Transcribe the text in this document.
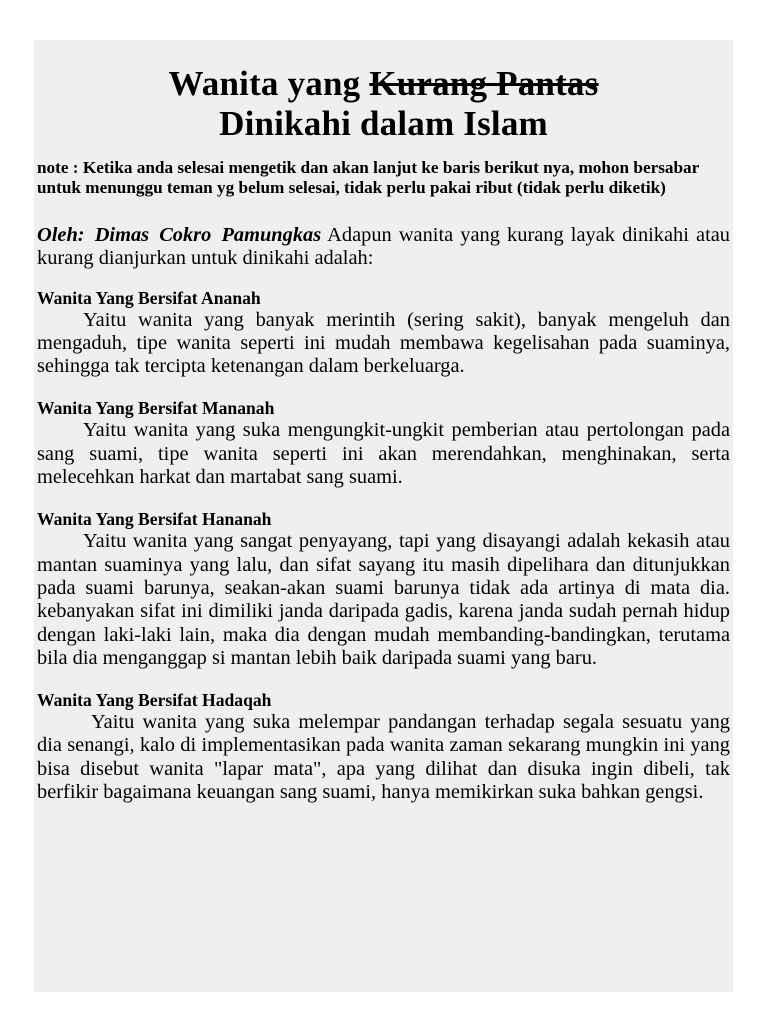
Wanita yang Kurang Pantas
Dinikahi dalam Islam

note : Ketika anda selesai mengetik dan akan lanjut ke baris berikut nya, mohon bersabar untuk menunggu teman yg belum selesai, tidak perlu pakai ribut (tidak perlu diketik)

Oleh: Dimas Cokro Pamungkas Adapun wanita yang kurang layak dinikahi atau kurang dianjurkan untuk dinikahi adalah:

Wanita Yang Bersifat Ananah

Yaitu wanita yang banyak merintih (sering sakit), banyak mengeluh dan mengaduh, tipe wanita seperti ini mudah membawa kegelisahan pada suaminya, sehingga tak tercipta ketenangan dalam berkeluarga.

Wanita Yang Bersifat Mananah

Yaitu wanita yang suka mengungkit-ungkit pemberian atau pertolongan pada sang suami, tipe wanita seperti ini akan merendahkan, menghinakan, serta melecehkan harkat dan martabat sang suami.

Wanita Yang Bersifat Hananah

Yaitu wanita yang sangat penyayang, tapi yang disayangi adalah kekasih atau mantan suaminya yang lalu, dan sifat sayang itu masih dipelihara dan ditunjukkan pada suami barunya, seakan-akan suami barunya tidak ada artinya di mata dia. kebanyakan sifat ini dimiliki janda daripada gadis, karena janda sudah pernah hidup dengan laki-laki lain, maka dia dengan mudah membanding-bandingkan, terutama bila dia menganggap si mantan lebih baik daripada suami yang baru.

Wanita Yang Bersifat Hadaqah

Yaitu wanita yang suka melempar pandangan terhadap segala sesuatu yang dia senangi, kalo di implementasikan pada wanita zaman sekarang mungkin ini yang bisa disebut wanita "lapar mata", apa yang dilihat dan disuka ingin dibeli, tak berfikir bagaimana keuangan sang suami, hanya memikirkan suka bahkan gengsi.
